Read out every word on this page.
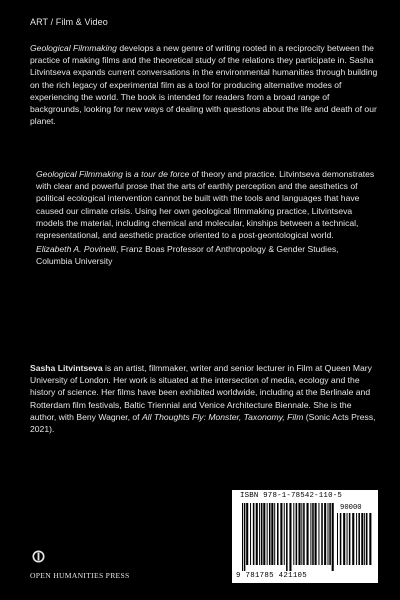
ART / Film & Video
Geological Filmmaking develops a new genre of writing rooted in a reciprocity between the practice of making films and the theoretical study of the relations they participate in. Sasha Litvintseva expands current conversations in the environmental humanities through building on the rich legacy of experimental film as a tool for producing alternative modes of experiencing the world. The book is intended for readers from a broad range of backgrounds, looking for new ways of dealing with questions about the life and death of our planet.
Geological Filmmaking is a tour de force of theory and practice. Litvintseva demonstrates with clear and powerful prose that the arts of earthly perception and the aesthetics of political ecological intervention cannot be built with the tools and languages that have caused our climate crisis. Using her own geological filmmaking practice, Litvintseva models the material, including chemical and molecular, kinships between a technical, representational, and aesthetic practice oriented to a post-geontological world.
Elizabeth A. Povinelli, Franz Boas Professor of Anthropology & Gender Studies, Columbia University
Sasha Litvintseva is an artist, filmmaker, writer and senior lecturer in Film at Queen Mary University of London. Her work is situated at the intersection of media, ecology and the history of science. Her films have been exhibited worldwide, including at the Berlinale and Rotterdam film festivals, Baltic Triennial and Venice Architecture Biennale. She is the author, with Beny Wagner, of All Thoughts Fly: Monster, Taxonomy, Film (Sonic Acts Press, 2021).
ISBN 978-1-78542-110-5
90000
9 781785 421105
OPEN HUMANITIES PRESS
